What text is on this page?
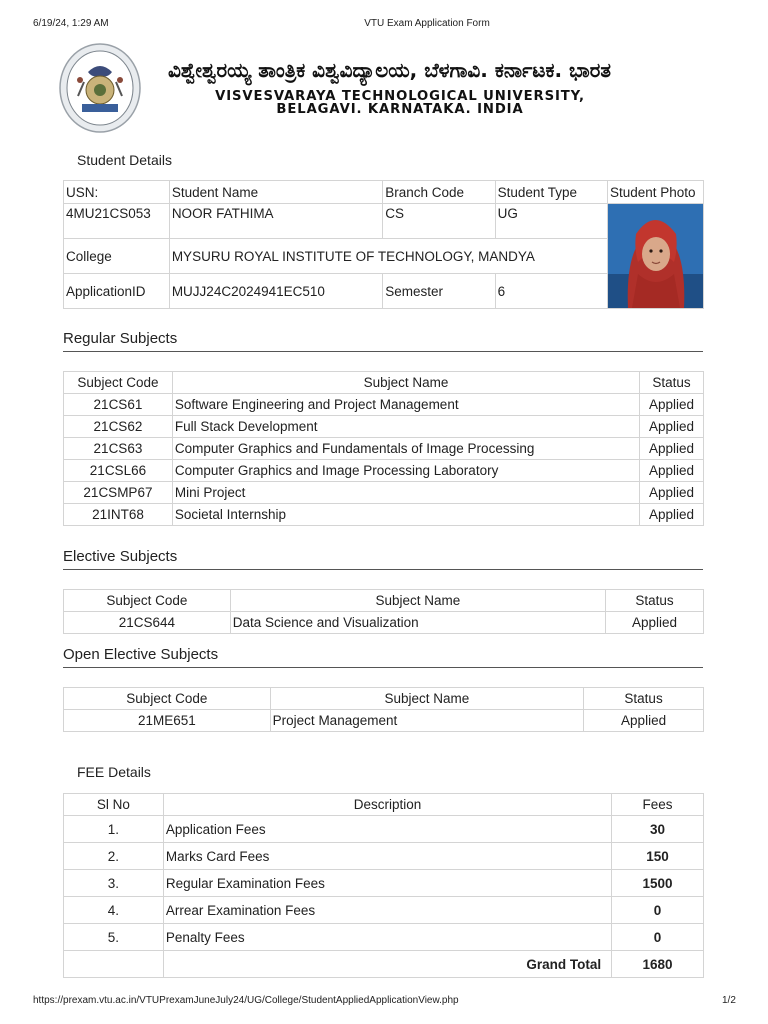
6/19/24, 1:29 AM	VTU Exam Application Form
ವಿಶ್ವೇಶ್ವರಯ್ಯ ತಾಂತ್ರಿಕ ವಿಶ್ವವಿದ್ಯಾಲಯ, ಬೆಳಗಾವಿ. ಕರ್ನಾಟಕ. ಭಾರತ
VISVESVARAYA TECHNOLOGICAL UNIVERSITY,
BELAGAVI. KARNATAKA. INDIA
Student Details
USN:	Student Name	Branch Code	Student Type	Student Photo
4MU21CS053	NOOR FATHIMA	CS	UG	

College	MYSURU ROYAL INSTITUTE OF TECHNOLOGY, MANDYA			
ApplicationID	MUJJ24C2024941EC510	Semester	6	
Regular Subjects
Subject Code	Subject Name	Status
21CS61	Software Engineering and Project Management	Applied
21CS62	Full Stack Development	Applied
21CS63	Computer Graphics and Fundamentals of Image Processing	Applied
21CSL66	Computer Graphics and Image Processing Laboratory	Applied
21CSMP67	Mini Project	Applied
21INT68	Societal Internship	Applied
Elective Subjects
Subject Code	Subject Name	Status
21CS644	Data Science and Visualization	Applied
Open Elective Subjects
Subject Code	Subject Name	Status
21ME651	Project Management	Applied
FEE Details
Sl No	Description	Fees
1.	Application Fees	30
2.	Marks Card Fees	150
3.	Regular Examination Fees	1500
4.	Arrear Examination Fees	0
5.	Penalty Fees	0
	Grand Total	1680
https://prexam.vtu.ac.in/VTUPrexamJuneJuly24/UG/College/StudentAppliedApplicationView.php	1/2
